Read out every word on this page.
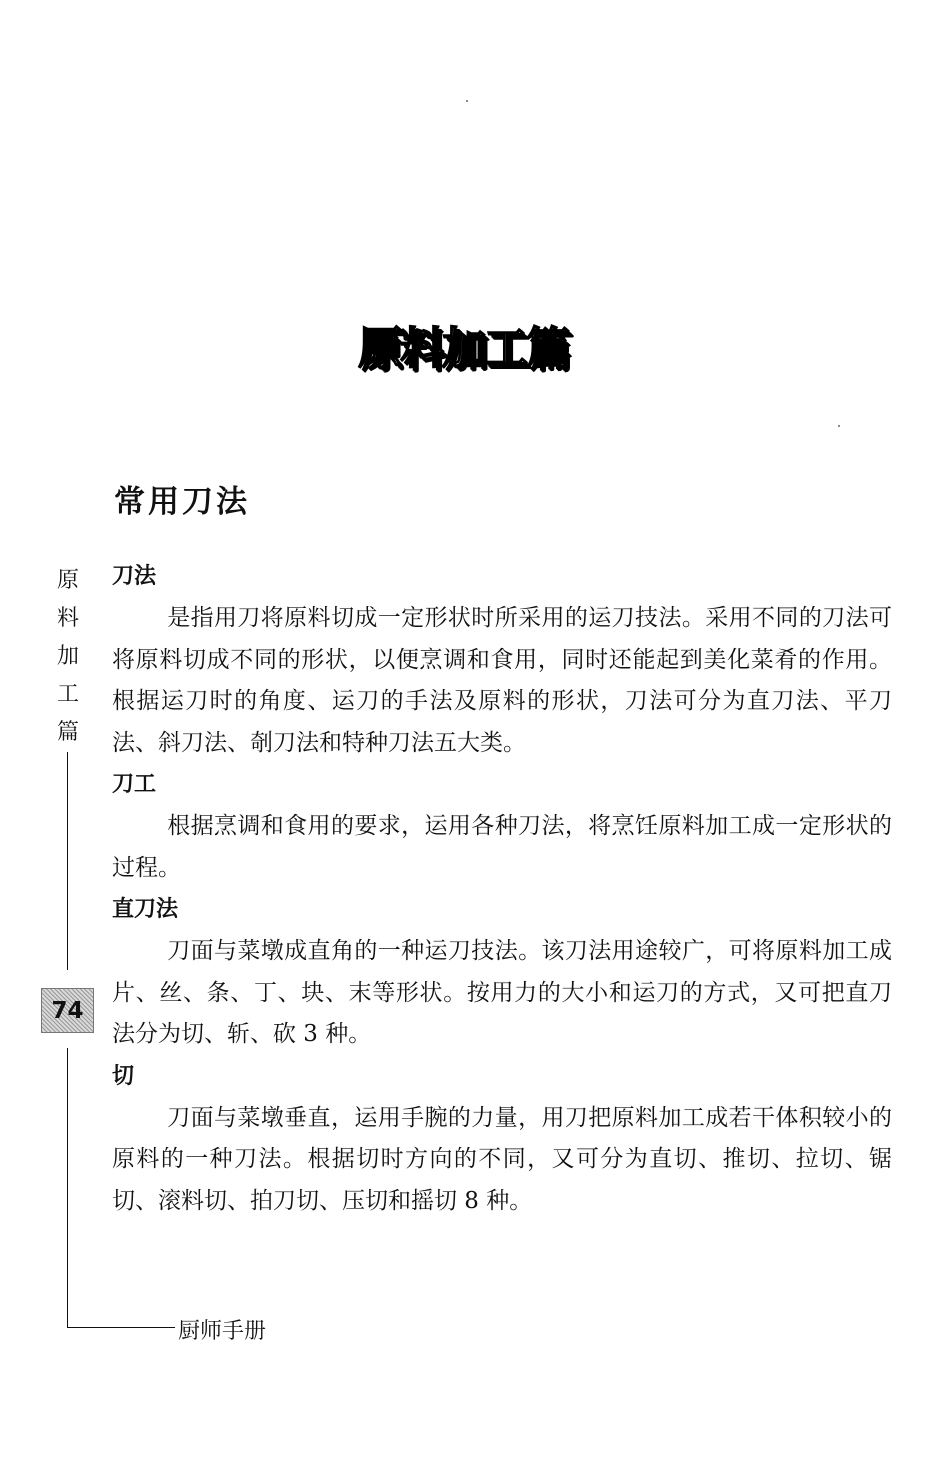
原料加工篇
常用刀法
原
料
加
工
篇
74
厨师手册
刀法

是指用刀将原料切成一定形状时所采用的运刀技法。采用不同的刀法可将原料切成不同的形状，以便烹调和食用，同时还能起到美化菜肴的作用。根据运刀时的角度、运刀的手法及原料的形状，刀法可分为直刀法、平刀法、斜刀法、剞刀法和特种刀法五大类。

刀工

根据烹调和食用的要求，运用各种刀法，将烹饪原料加工成一定形状的过程。

直刀法

刀面与菜墩成直角的一种运刀技法。该刀法用途较广，可将原料加工成片、丝、条、丁、块、末等形状。按用力的大小和运刀的方式，又可把直刀法分为切、斩、砍 3 种。

切

刀面与菜墩垂直，运用手腕的力量，用刀把原料加工成若干体积较小的原料的一种刀法。根据切时方向的不同，又可分为直切、推切、拉切、锯切、滚料切、拍刀切、压切和摇切 8 种。
